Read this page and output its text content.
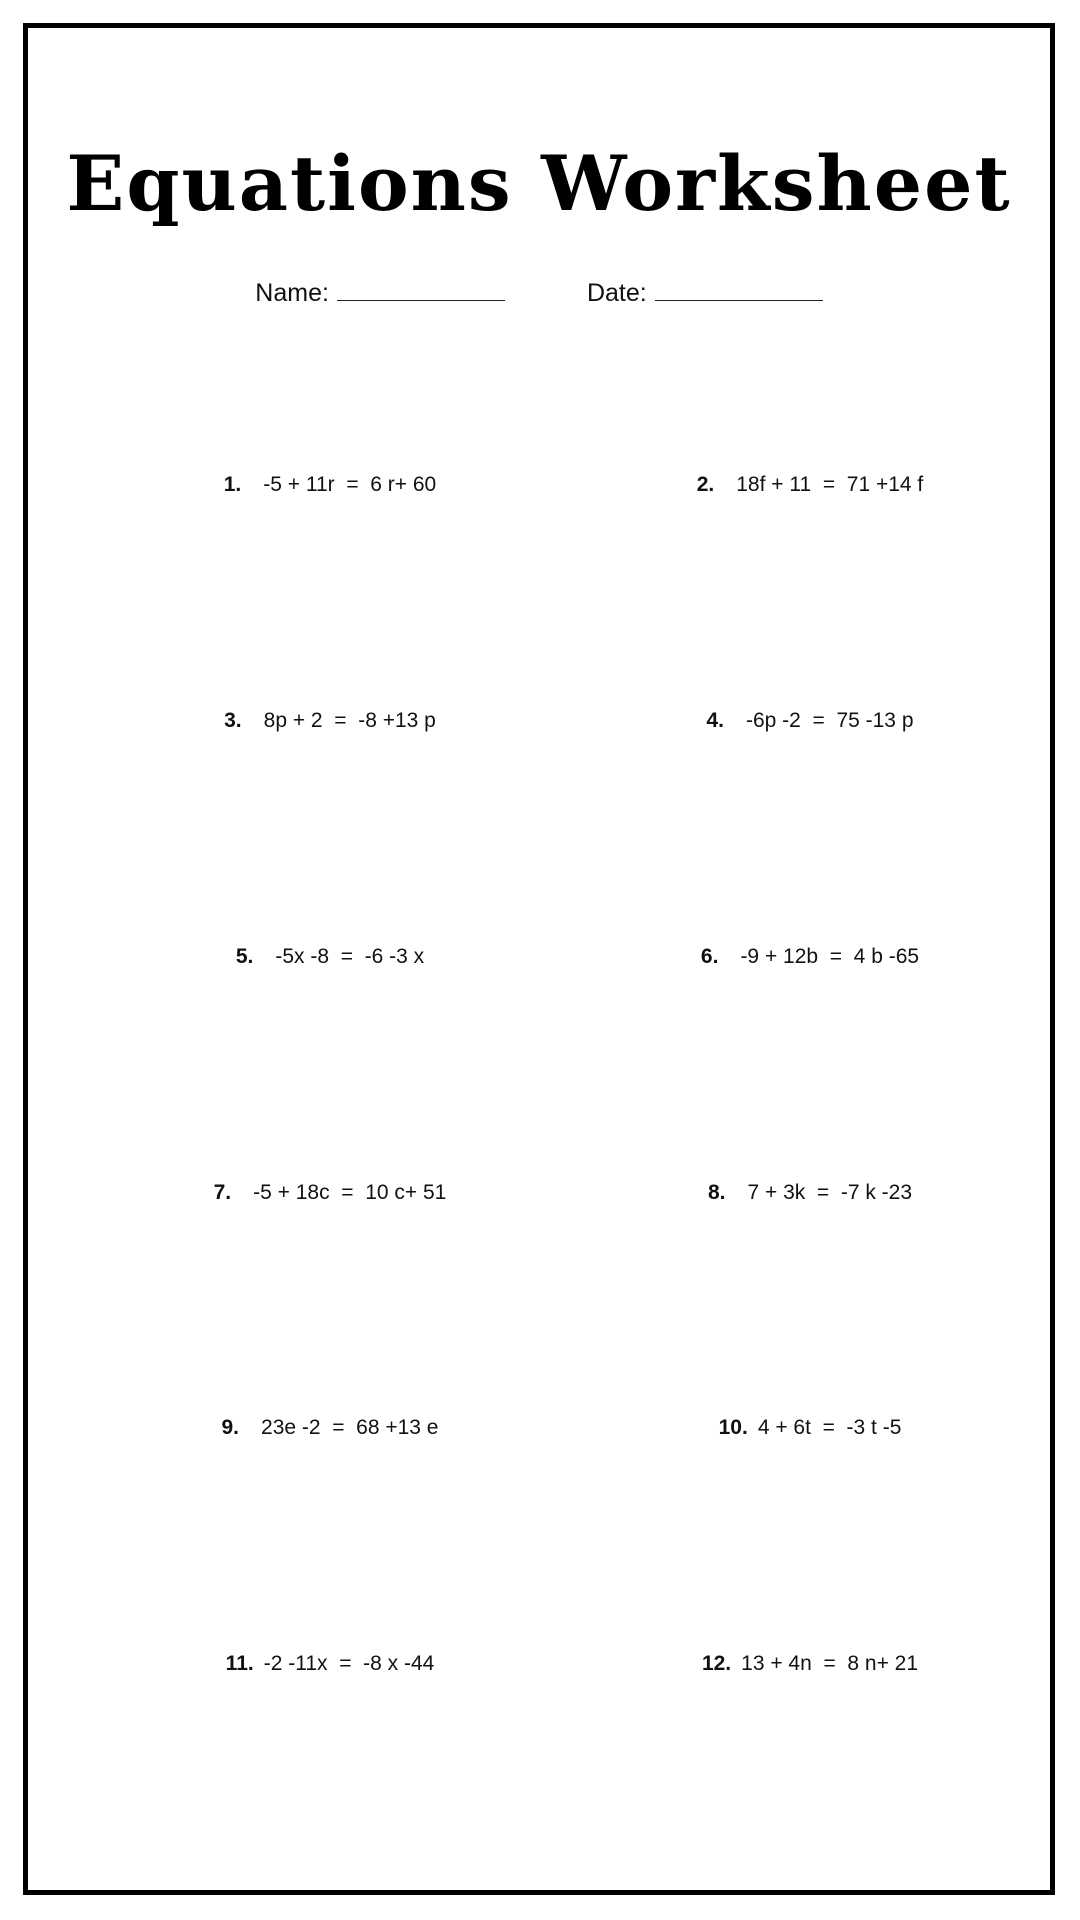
Equations Worksheet
Name:	Date:
1. -5 + 11r  =  6 r+ 60	2. 18f + 11  =  71 +14 f
3. 8p + 2  =  -8 +13 p	4. -6p -2  =  75 -13 p
5. -5x -8  =  -6 -3 x	6. -9 + 12b  =  4 b -65
7. -5 + 18c  =  10 c+ 51	8. 7 + 3k  =  -7 k -23
9. 23e -2  =  68 +13 e	10. 4 + 6t  =  -3 t -5
11. -2 -11x  =  -8 x -44	12. 13 + 4n  =  8 n+ 21
